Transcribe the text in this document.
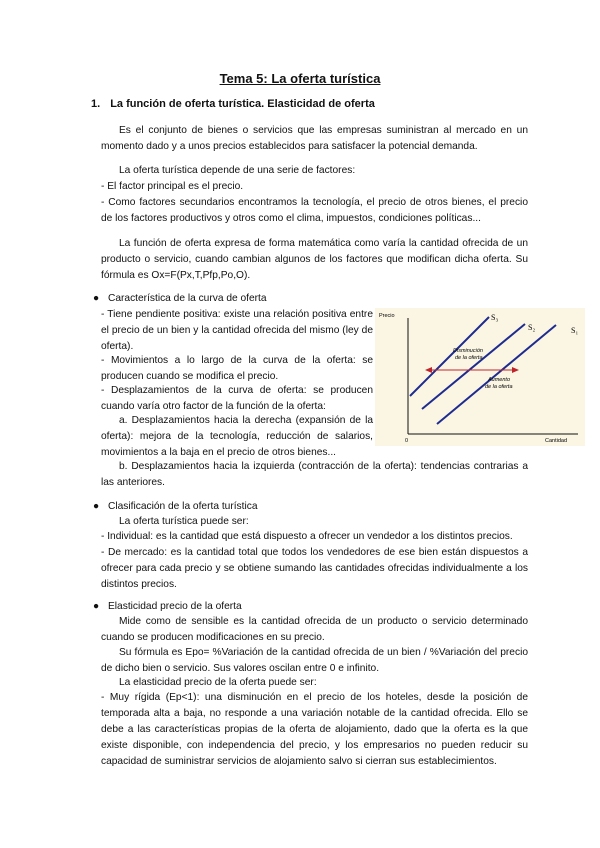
Tema 5: La oferta turística

1. La función de oferta turística. Elasticidad de oferta

Es el conjunto de bienes o servicios que las empresas suministran al mercado en un momento dado y a unos precios establecidos para satisfacer la potencial demanda.

La oferta turística depende de una serie de factores:

- El factor principal es el precio.

- Como factores secundarios encontramos la tecnología, el precio de otros bienes, el precio de los factores productivos y otros como el clima, impuestos, condiciones políticas...

La función de oferta expresa de forma matemática como varía la cantidad ofrecida de un producto o servicio, cuando cambian algunos de los factores que modifican dicha oferta. Su fórmula es Ox=F(Px,T,Pfp,Po,O).

● Característica de la curva de oferta

- Tiene pendiente positiva: existe una relación positiva entre el precio de un bien y la cantidad ofrecida del mismo (ley de oferta).

- Movimientos a lo largo de la curva de la oferta: se producen cuando se modifica el precio.

- Desplazamientos de la curva de oferta: se producen cuando varía otro factor de la función de la oferta:

a. Desplazamientos hacia la derecha (expansión de la oferta): mejora de la tecnología, reducción de salarios, movimientos a la baja en el precio de otros bienes...

b. Desplazamientos hacia la izquierda (contracción de la oferta): tendencias contrarias a las anteriores.

Precio
Cantidad
0
S₃
S₂	S₁
Disminución
de la oferta
Aumento
de la oferta

● Clasificación de la oferta turística

La oferta turística puede ser:

- Individual: es la cantidad que está dispuesto a ofrecer un vendedor a los distintos precios.

- De mercado: es la cantidad total que todos los vendedores de ese bien están dispuestos a ofrecer para cada precio y se obtiene sumando las cantidades ofrecidas individualmente a los distintos precios.

● Elasticidad precio de la oferta

Mide como de sensible es la cantidad ofrecida de un producto o servicio determinado cuando se producen modificaciones en su precio.

Su fórmula es Epo= %Variación de la cantidad ofrecida de un bien / %Variación del precio de dicho bien o servicio. Sus valores oscilan entre 0 e infinito.

La elasticidad precio de la oferta puede ser:

- Muy rígida (Ep<1): una disminución en el precio de los hoteles, desde la posición de temporada alta a baja, no responde a una variación notable de la cantidad ofrecida. Ello se debe a las características propias de la oferta de alojamiento, dado que la oferta es la que existe disponible, con independencia del precio, y los empresarios no pueden reducir su capacidad de suministrar servicios de alojamiento salvo si cierran sus establecimientos.
